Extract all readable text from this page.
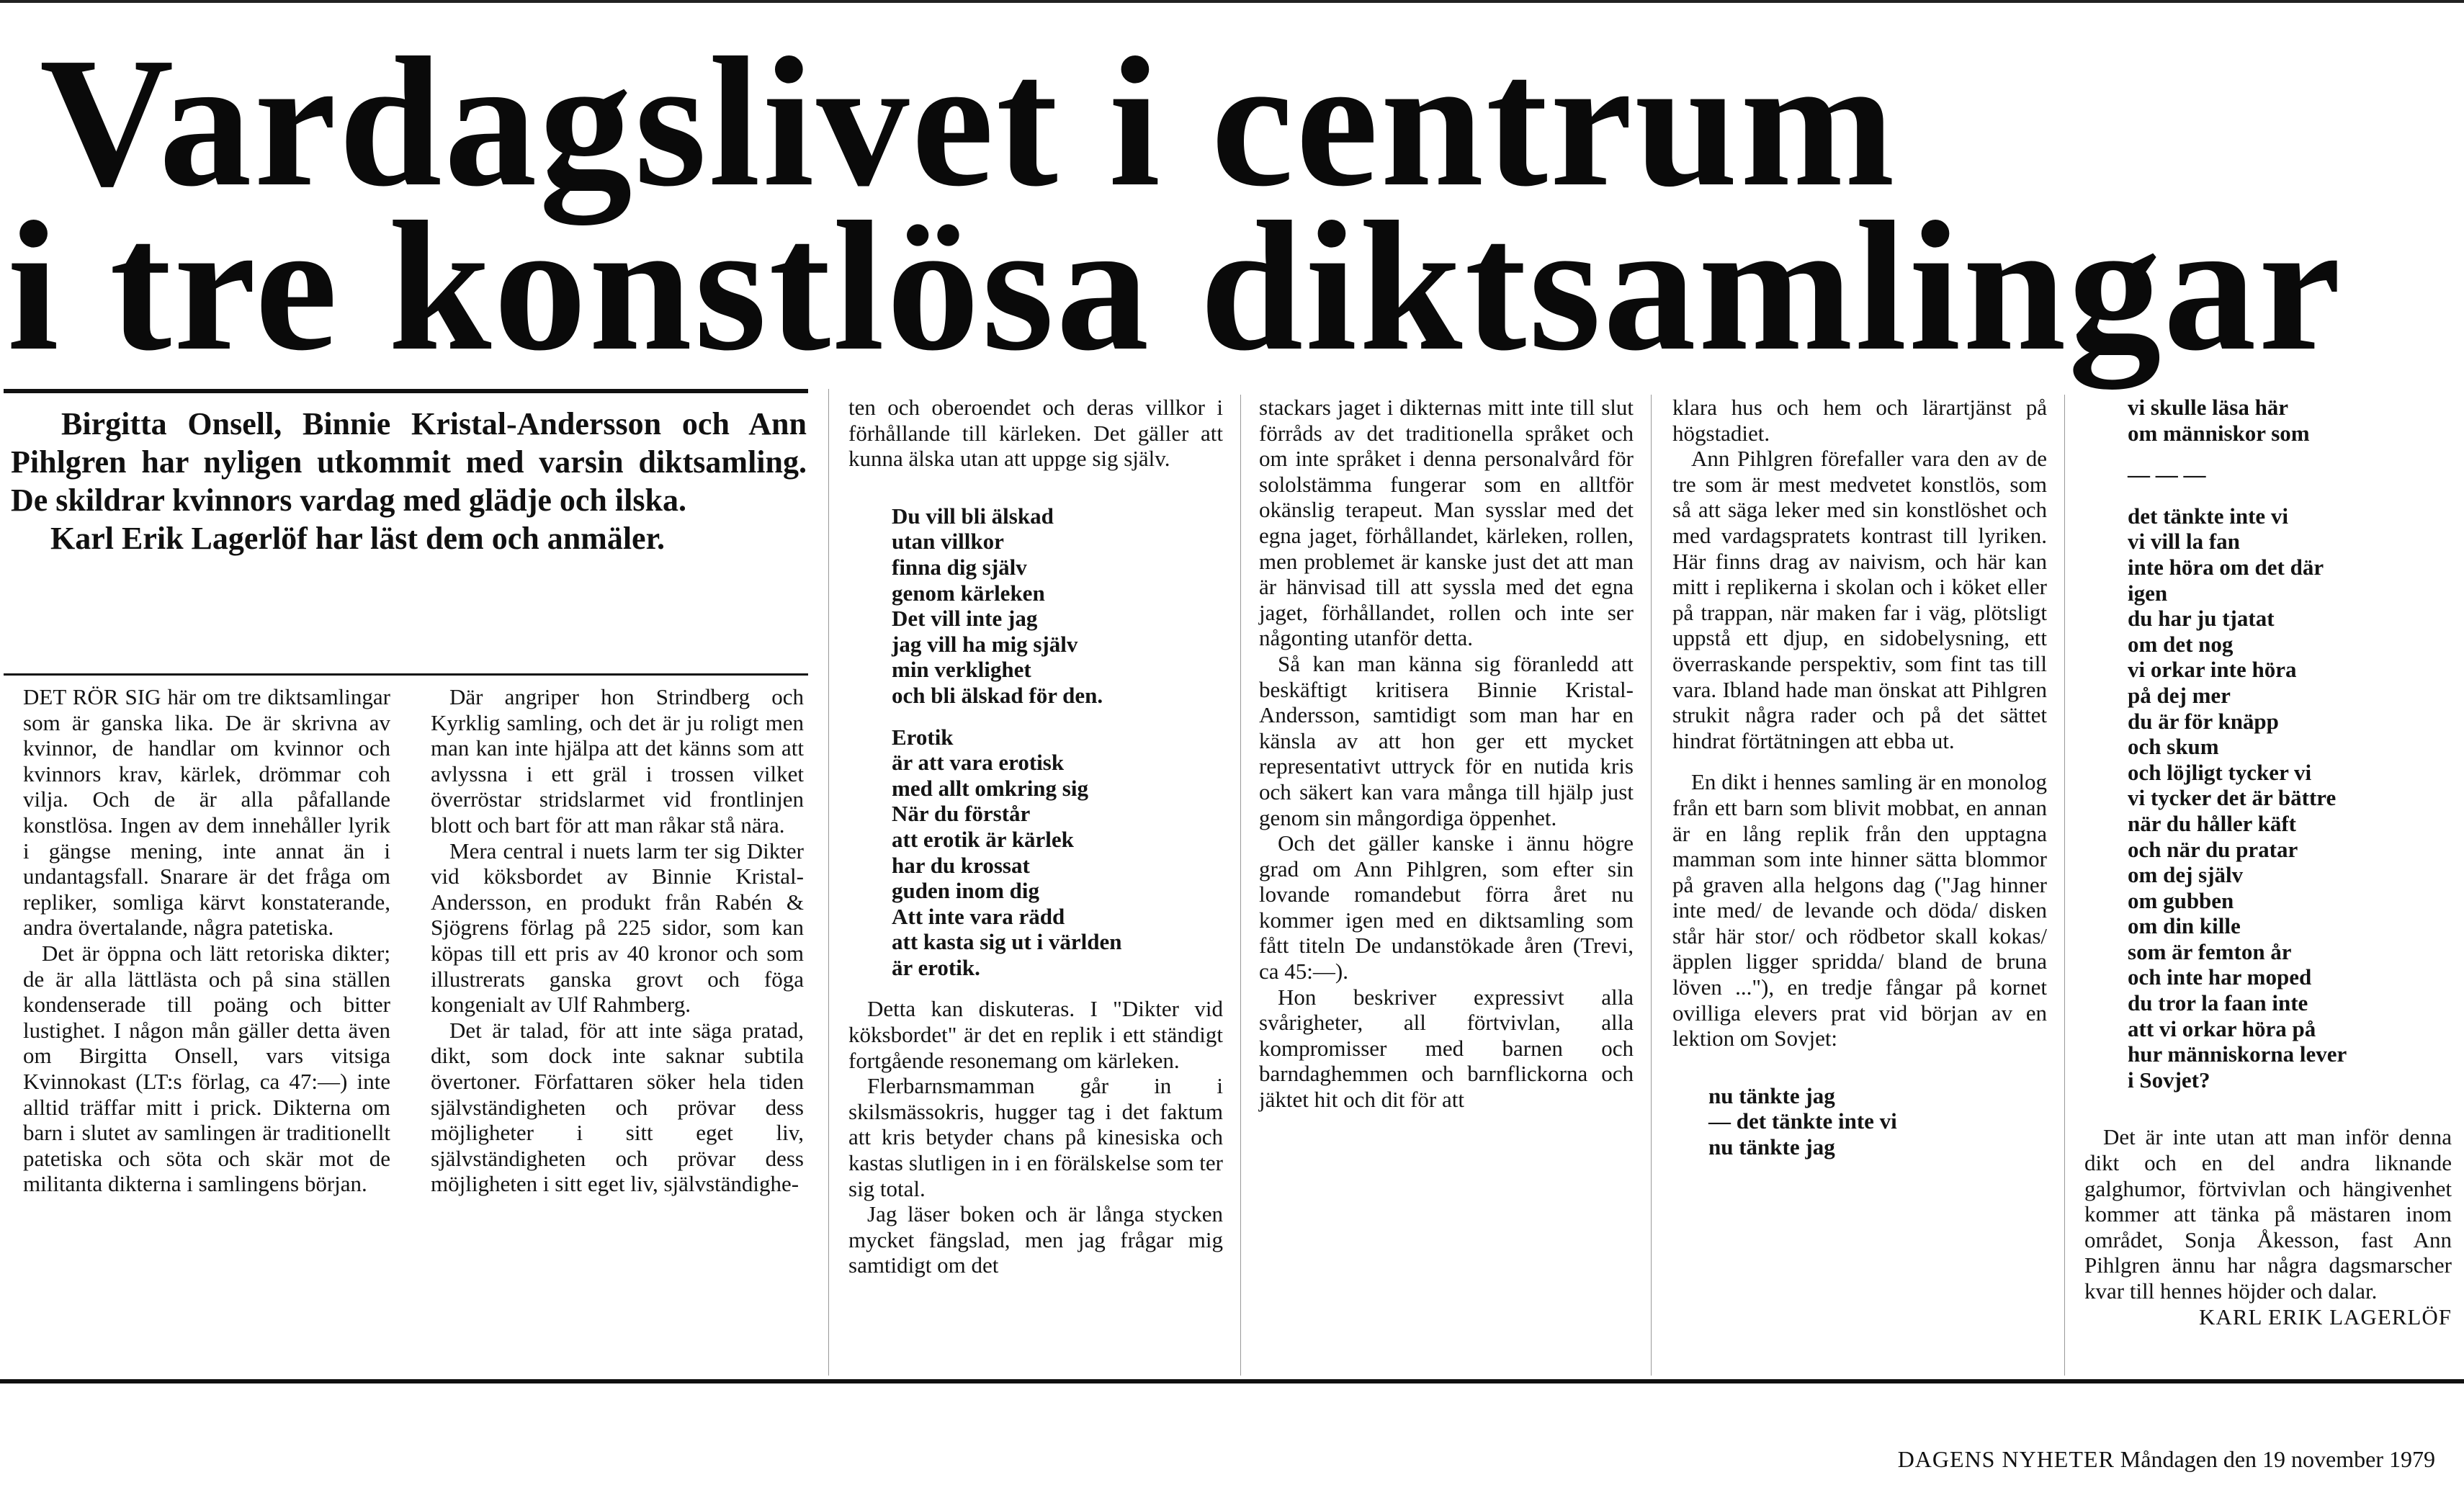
Vardagslivet i centrum
i tre konstlösa diktsamlingar

Birgitta Onsell, Binnie Kristal-Andersson och Ann Pihlgren har nyligen utkommit med varsin diktsamling. De skildrar kvinnors vardag med glädje och ilska.

Karl Erik Lagerlöf har läst dem och anmäler.

DET RÖR SIG här om tre diktsamlingar som är ganska lika. De är skrivna av kvinnor, de handlar om kvinnor och kvinnors krav, kärlek, drömmar coh vilja. Och de är alla påfallande konstlösa. Ingen av dem innehåller lyrik i gängse mening, inte annat än i undantagsfall. Snarare är det fråga om repliker, somliga kärvt konstaterande, andra övertalande, några patetiska.

Det är öppna och lätt retoriska dikter; de är alla lättlästa och på sina ställen kondenserade till poäng och bitter lustighet. I någon mån gäller detta även om Birgitta Onsell, vars vitsiga Kvinnokast (LT:s förlag, ca 47:—) inte alltid träffar mitt i prick. Dikterna om barn i slutet av samlingen är traditionellt patetiska och söta och skär mot de militanta dikterna i samlingens början.

Där angriper hon Strindberg och Kyrklig samling, och det är ju roligt men man kan inte hjälpa att det känns som att avlyssna i ett gräl i trossen vilket överröstar stridslarmet vid frontlinjen blott och bart för att man råkar stå nära.

Mera central i nuets larm ter sig Dikter vid köksbordet av Binnie Kristal-Andersson, en produkt från Rabén & Sjögrens förlag på 225 sidor, som kan köpas till ett pris av 40 kronor och som illustrerats ganska grovt och föga kongenialt av Ulf Rahmberg.

Det är talad, för att inte säga pratad, dikt, som dock inte saknar subtila övertoner. Författaren söker hela tiden självständigheten och prövar dess möjligheter i sitt eget liv, självständigheten och prövar dess möjligheten i sitt eget liv, självständighe-

ten och oberoendet och deras villkor i förhållande till kärleken. Det gäller att kunna älska utan att uppge sig själv.

Du vill bli älskad
utan villkor
finna dig själv
genom kärleken
Det vill inte jag
jag vill ha mig själv
min verklighet
och bli älskad för den.
Erotik
är att vara erotisk
med allt omkring sig
När du förstår
att erotik är kärlek
har du krossat
guden inom dig
Att inte vara rädd
att kasta sig ut i världen
är erotik.

Detta kan diskuteras. I "Dikter vid köksbordet" är det en replik i ett ständigt fortgående resonemang om kärleken.

Flerbarnsmamman går in i skilsmässokris, hugger tag i det faktum att kris betyder chans på kinesiska och kastas slutligen in i en förälskelse som ter sig total.

Jag läser boken och är långa stycken mycket fängslad, men jag frågar mig samtidigt om det

stackars jaget i dikternas mitt inte till slut förråds av det traditionella språket och om inte språket i denna personalvård för sololstämma fungerar som en alltför okänslig terapeut. Man sysslar med det egna jaget, förhållandet, kärleken, rollen, men problemet är kanske just det att man är hänvisad till att syssla med det egna jaget, förhållandet, rollen och inte ser någonting utanför detta.

Så kan man känna sig föranledd att beskäftigt kritisera Binnie Kristal-Andersson, samtidigt som man har en känsla av att hon ger ett mycket representativt uttryck för en nutida kris och säkert kan vara många till hjälp just genom sin mångordiga öppenhet.

Och det gäller kanske i ännu högre grad om Ann Pihlgren, som efter sin lovande romandebut förra året nu kommer igen med en diktsamling som fått titeln De undanstökade åren (Trevi, ca 45:—).

Hon beskriver expressivt alla svårigheter, all förtvivlan, alla kompromisser med barnen och barndaghemmen och barnflickorna och jäktet hit och dit för att

klara hus och hem och lärartjänst på högstadiet.

Ann Pihlgren förefaller vara den av de tre som är mest medvetet konstlös, som så att säga leker med sin konstlöshet och med vardagspratets kontrast till lyriken. Här finns drag av naivism, och här kan mitt i replikerna i skolan och i köket eller på trappan, när maken far i väg, plötsligt uppstå ett djup, en sidobelysning, ett överraskande perspektiv, som fint tas till vara. Ibland hade man önskat att Pihlgren strukit några rader och på det sättet hindrat förtätningen att ebba ut.

En dikt i hennes samling är en monolog från ett barn som blivit mobbat, en annan är en lång replik från den upptagna mamman som inte hinner sätta blommor på graven alla helgons dag ("Jag hinner inte med/ de levande och döda/ disken står här stor/ och rödbetor skall kokas/ äpplen ligger spridda/ bland de bruna löven ..."), en tredje fångar på kornet ovilliga elevers prat vid början av en lektion om Sovjet:

nu tänkte jag
— det tänkte inte vi
nu tänkte jag
vi skulle läsa här
om människor som
— — —
det tänkte inte vi
vi vill la fan
inte höra om det där
igen
du har ju tjatat
om det nog
vi orkar inte höra
på dej mer
du är för knäpp
och skum
och löjligt tycker vi
vi tycker det är bättre
när du håller käft
och när du pratar
om dej själv
om gubben
om din kille
som är femton år
och inte har moped
du tror la faan inte
att vi orkar höra på
hur människorna lever
i Sovjet?

Det är inte utan att man inför denna dikt och en del andra liknande galghumor, förtvivlan och hängivenhet kommer att tänka på mästaren inom området, Sonja Åkesson, fast Ann Pihlgren ännu har några dagsmarscher kvar till hennes höjder och dalar.

KARL ERIK LAGERLÖF

DAGENS NYHETER Måndagen den 19 november 1979
